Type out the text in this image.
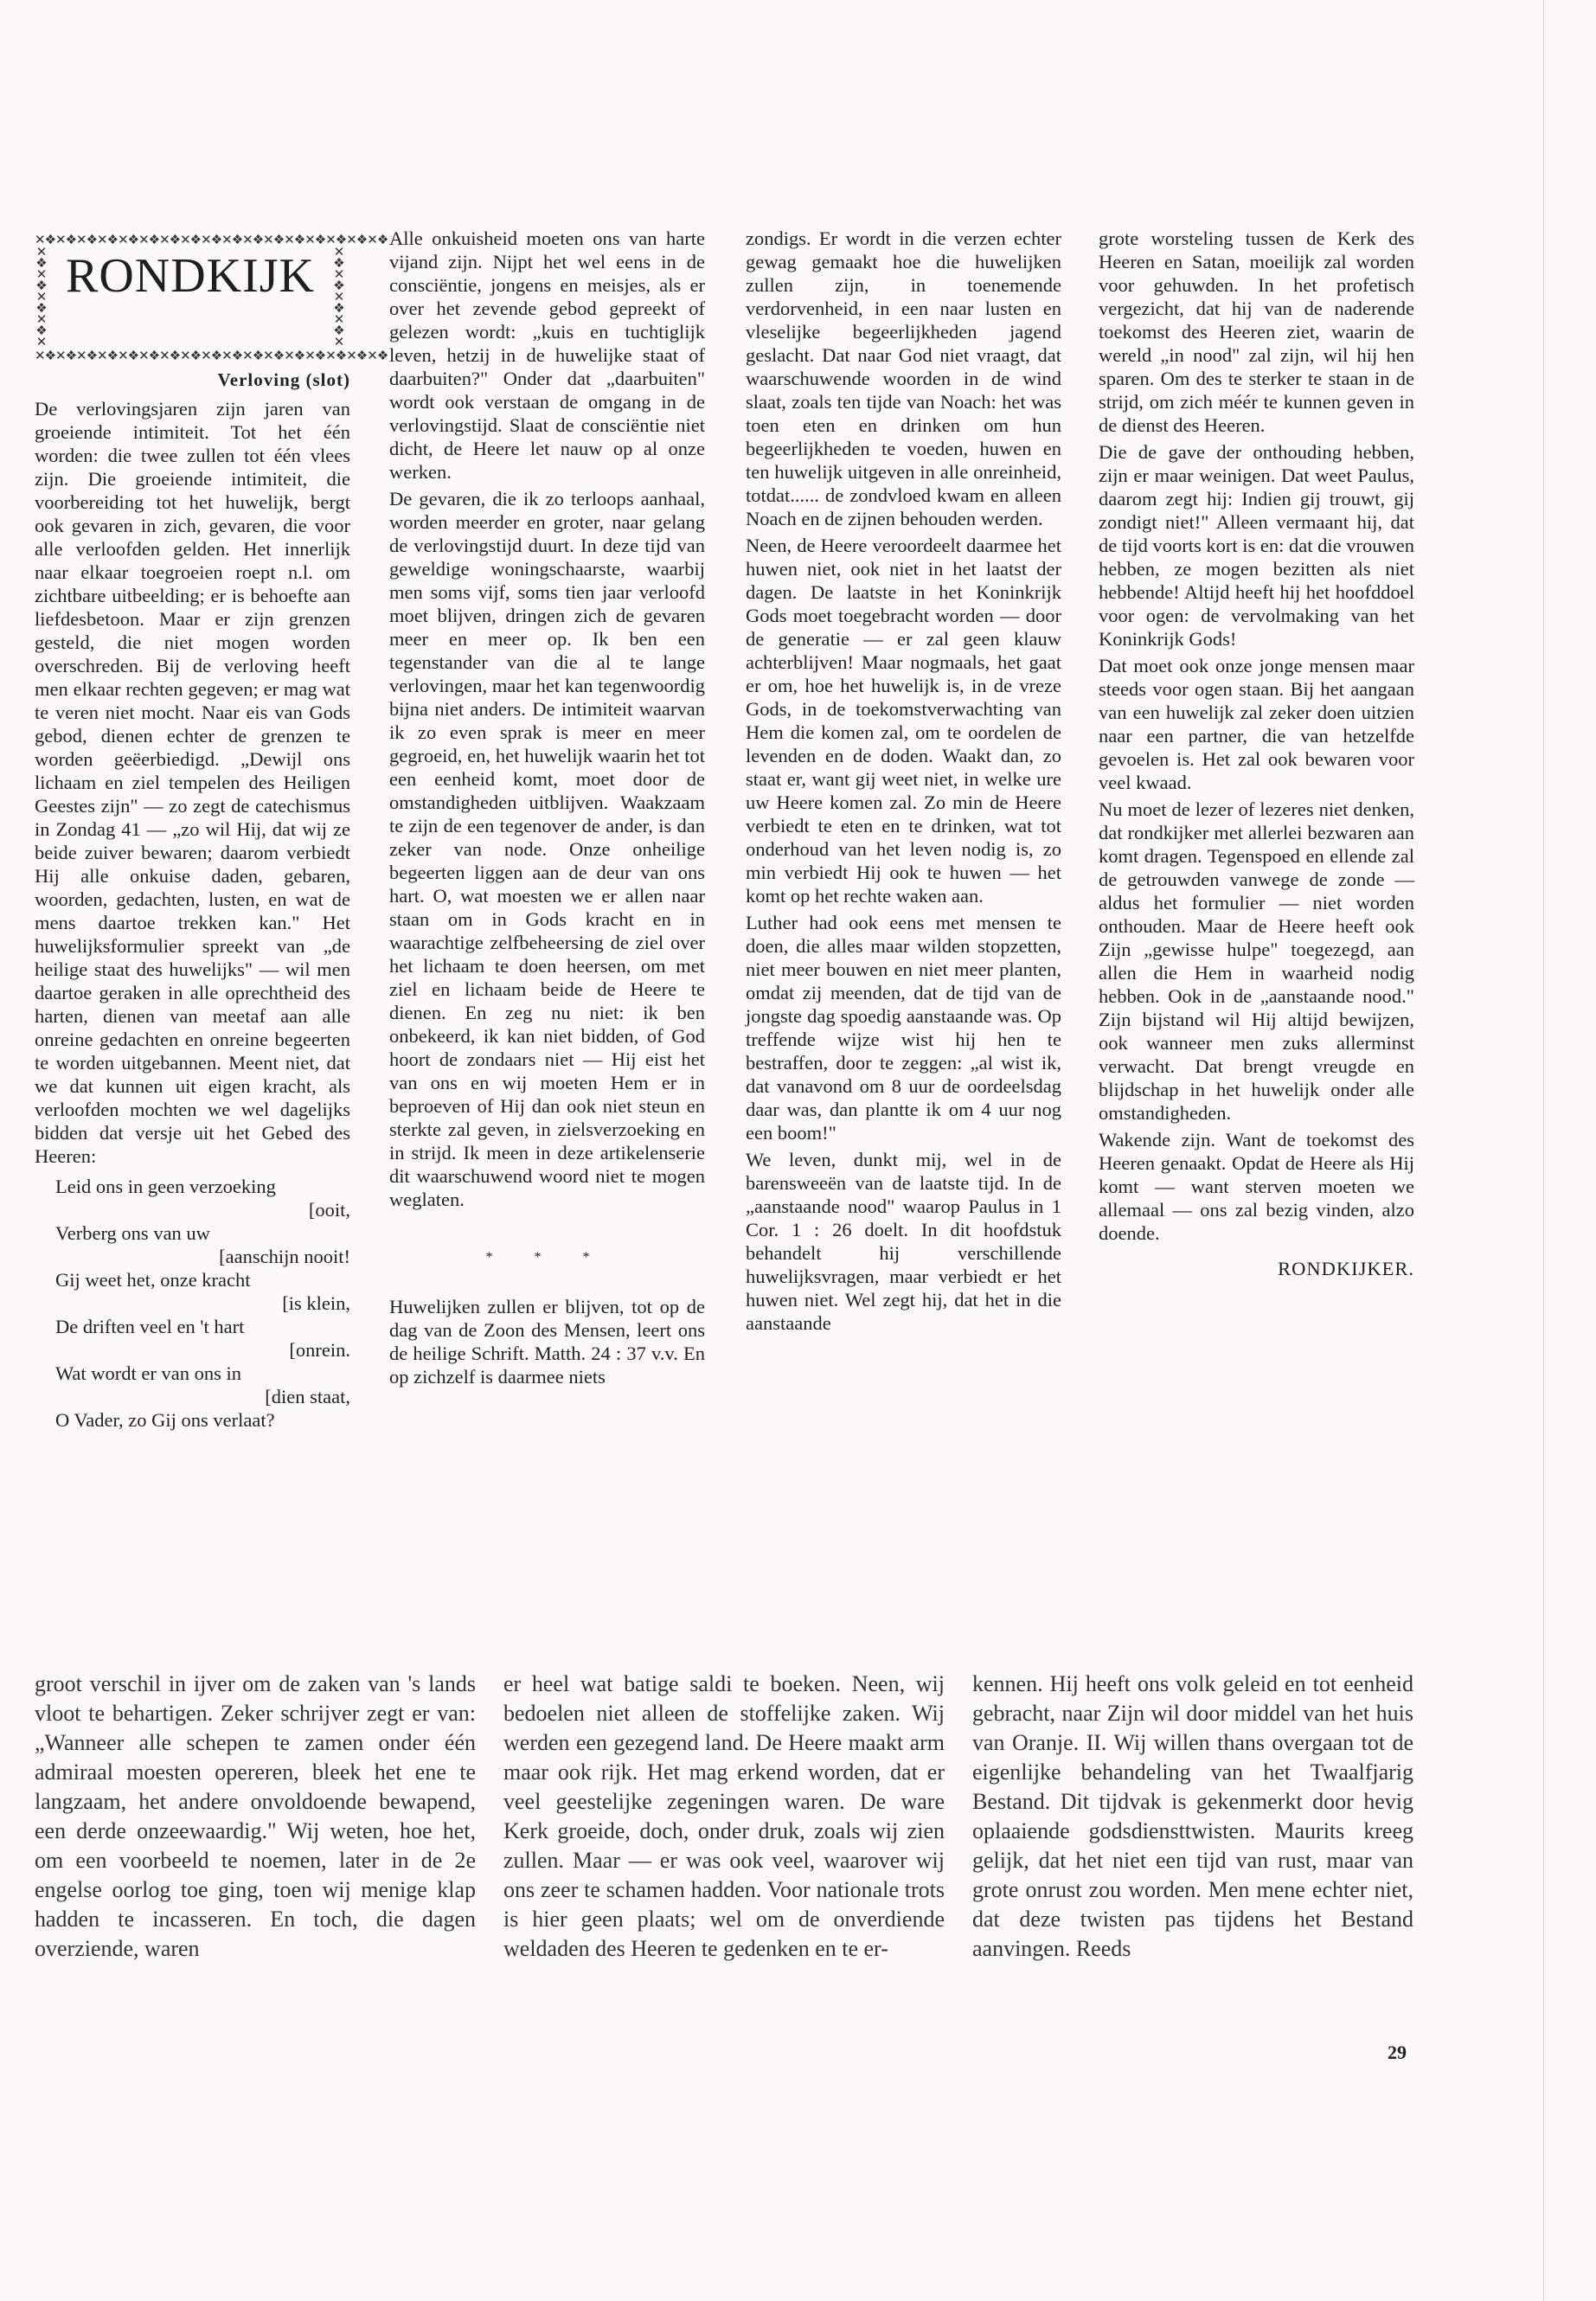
✕❖✕❖✕❖✕❖✕❖✕❖✕❖✕❖✕❖✕❖✕❖✕❖✕❖✕❖✕❖✕❖✕❖
✕❖✕❖✕❖✕❖✕❖✕❖✕❖✕❖✕❖✕❖✕❖✕❖✕❖✕❖✕❖✕❖✕❖
✕
❖
✕
❖
✕
❖
✕
❖
✕
✕
❖
✕
❖
✕
❖
✕
❖
✕
RONDKIJK
Verloving (slot)

De verlovingsjaren zijn jaren van groeiende intimiteit. Tot het één worden: die twee zullen tot één vlees zijn. Die groeiende intimiteit, die voorbereiding tot het huwelijk, bergt ook gevaren in zich, gevaren, die voor alle verloofden gelden. Het innerlijk naar elkaar toegroeien roept n.l. om zichtbare uitbeelding; er is behoefte aan liefdesbetoon. Maar er zijn grenzen gesteld, die niet mogen worden overschreden. Bij de verloving heeft men elkaar rechten gegeven; er mag wat te veren niet mocht. Naar eis van Gods gebod, dienen echter de grenzen te worden geëerbiedigd. „Dewijl ons lichaam en ziel tempelen des Heiligen Geestes zijn" — zo zegt de catechismus in Zondag 41 — „zo wil Hij, dat wij ze beide zuiver bewaren; daarom verbiedt Hij alle onkuise daden, gebaren, woorden, gedachten, lusten, en wat de mens daartoe trekken kan." Het huwelijksformulier spreekt van „de heilige staat des huwelijks" — wil men daartoe geraken in alle oprechtheid des harten, dienen van meetaf aan alle onreine gedachten en onreine begeerten te worden uitgebannen. Meent niet, dat we dat kunnen uit eigen kracht, als verloofden mochten we wel dagelijks bidden dat versje uit het Gebed des Heeren:

Leid ons in geen verzoeking
[ooit,
Verberg ons van uw
[aanschijn nooit!
Gij weet het, onze kracht
[is klein,
De driften veel en 't hart
[onrein.
Wat wordt er van ons in
[dien staat,
O Vader, zo Gij ons verlaat?

Alle onkuisheid moeten ons van harte vijand zijn. Nijpt het wel eens in de consciëntie, jongens en meisjes, als er over het zevende gebod gepreekt of gelezen wordt: „kuis en tuchtiglijk leven, hetzij in de huwelijke staat of daarbuiten?" Onder dat „daarbuiten" wordt ook verstaan de omgang in de verlovingstijd. Slaat de consciëntie niet dicht, de Heere let nauw op al onze werken.

De gevaren, die ik zo terloops aanhaal, worden meerder en groter, naar gelang de verlovingstijd duurt. In deze tijd van geweldige woningschaarste, waarbij men soms vijf, soms tien jaar verloofd moet blijven, dringen zich de gevaren meer en meer op. Ik ben een tegenstander van die al te lange verlovingen, maar het kan tegenwoordig bijna niet anders. De intimiteit waarvan ik zo even sprak is meer en meer gegroeid, en, het huwelijk waarin het tot een eenheid komt, moet door de omstandigheden uitblijven. Waakzaam te zijn de een tegenover de ander, is dan zeker van node. Onze onheilige begeerten liggen aan de deur van ons hart. O, wat moesten we er allen naar staan om in Gods kracht en in waarachtige zelfbeheersing de ziel over het lichaam te doen heersen, om met ziel en lichaam beide de Heere te dienen. En zeg nu niet: ik ben onbekeerd, ik kan niet bidden, of God hoort de zondaars niet — Hij eist het van ons en wij moeten Hem er in beproeven of Hij dan ook niet steun en sterkte zal geven, in zielsverzoeking en in strijd. Ik meen in deze artikelenserie dit waarschuwend woord niet te mogen weglaten.

* * *

Huwelijken zullen er blijven, tot op de dag van de Zoon des Mensen, leert ons de heilige Schrift. Matth. 24 : 37 v.v. En op zichzelf is daarmee niets

zondigs. Er wordt in die verzen echter gewag gemaakt hoe die huwelijken zullen zijn, in toenemende verdorvenheid, in een naar lusten en vleselijke begeerlijkheden jagend geslacht. Dat naar God niet vraagt, dat waarschuwende woorden in de wind slaat, zoals ten tijde van Noach: het was toen eten en drinken om hun begeerlijkheden te voeden, huwen en ten huwelijk uitgeven in alle onreinheid, totdat...... de zondvloed kwam en alleen Noach en de zijnen behouden werden.

Neen, de Heere veroordeelt daarmee het huwen niet, ook niet in het laatst der dagen. De laatste in het Koninkrijk Gods moet toegebracht worden — door de generatie — er zal geen klauw achterblijven! Maar nogmaals, het gaat er om, hoe het huwelijk is, in de vreze Gods, in de toekomstverwachting van Hem die komen zal, om te oordelen de levenden en de doden. Waakt dan, zo staat er, want gij weet niet, in welke ure uw Heere komen zal. Zo min de Heere verbiedt te eten en te drinken, wat tot onderhoud van het leven nodig is, zo min verbiedt Hij ook te huwen — het komt op het rechte waken aan.

Luther had ook eens met mensen te doen, die alles maar wilden stopzetten, niet meer bouwen en niet meer planten, omdat zij meenden, dat de tijd van de jongste dag spoedig aanstaande was. Op treffende wijze wist hij hen te bestraffen, door te zeggen: „al wist ik, dat vanavond om 8 uur de oordeelsdag daar was, dan plantte ik om 4 uur nog een boom!"

We leven, dunkt mij, wel in de barensweeën van de laatste tijd. In de „aanstaande nood" waarop Paulus in 1 Cor. 1 : 26 doelt. In dit hoofdstuk behandelt hij verschillende huwelijksvragen, maar verbiedt er het huwen niet. Wel zegt hij, dat het in die aanstaande

grote worsteling tussen de Kerk des Heeren en Satan, moeilijk zal worden voor gehuwden. In het profetisch vergezicht, dat hij van de naderende toekomst des Heeren ziet, waarin de wereld „in nood" zal zijn, wil hij hen sparen. Om des te sterker te staan in de strijd, om zich méér te kunnen geven in de dienst des Heeren.

Die de gave der onthouding hebben, zijn er maar weinigen. Dat weet Paulus, daarom zegt hij: Indien gij trouwt, gij zondigt niet!" Alleen vermaant hij, dat de tijd voorts kort is en: dat die vrouwen hebben, ze mogen bezitten als niet hebbende! Altijd heeft hij het hoofddoel voor ogen: de vervolmaking van het Koninkrijk Gods!

Dat moet ook onze jonge mensen maar steeds voor ogen staan. Bij het aangaan van een huwelijk zal zeker doen uitzien naar een partner, die van hetzelfde gevoelen is. Het zal ook bewaren voor veel kwaad.

Nu moet de lezer of lezeres niet denken, dat rondkijker met allerlei bezwaren aan komt dragen. Tegenspoed en ellende zal de getrouwden vanwege de zonde — aldus het formulier — niet worden onthouden. Maar de Heere heeft ook Zijn „gewisse hulpe" toegezegd, aan allen die Hem in waarheid nodig hebben. Ook in de „aanstaande nood." Zijn bijstand wil Hij altijd bewijzen, ook wanneer men zuks allerminst verwacht. Dat brengt vreugde en blijdschap in het huwelijk onder alle omstandigheden.

Wakende zijn. Want de toekomst des Heeren genaakt. Opdat de Heere als Hij komt — want sterven moeten we allemaal — ons zal bezig vinden, alzo doende.

RONDKIJKER.

groot verschil in ijver om de zaken van 's lands vloot te behartigen. Zeker schrijver zegt er van: „Wanneer alle schepen te zamen onder één admiraal moesten opereren, bleek het ene te langzaam, het andere onvoldoende bewapend, een derde onzeewaardig." Wij weten, hoe het, om een voorbeeld te noemen, later in de 2e engelse oorlog toe ging, toen wij menige klap hadden te incasseren. En toch, die dagen overziende, waren

er heel wat batige saldi te boeken. Neen, wij bedoelen niet alleen de stoffelijke zaken. Wij werden een gezegend land. De Heere maakt arm maar ook rijk. Het mag erkend worden, dat er veel geestelijke zegeningen waren. De ware Kerk groeide, doch, onder druk, zoals wij zien zullen. Maar — er was ook veel, waarover wij ons zeer te schamen hadden. Voor nationale trots is hier geen plaats; wel om de onverdiende weldaden des Heeren te gedenken en te er-

kennen. Hij heeft ons volk geleid en tot eenheid gebracht, naar Zijn wil door middel van het huis van Oranje. II. Wij willen thans overgaan tot de eigenlijke behandeling van het Twaalfjarig Bestand. Dit tijdvak is gekenmerkt door hevig oplaaiende godsdiensttwisten. Maurits kreeg gelijk, dat het niet een tijd van rust, maar van grote onrust zou worden. Men mene echter niet, dat deze twisten pas tijdens het Bestand aanvingen. Reeds

29
